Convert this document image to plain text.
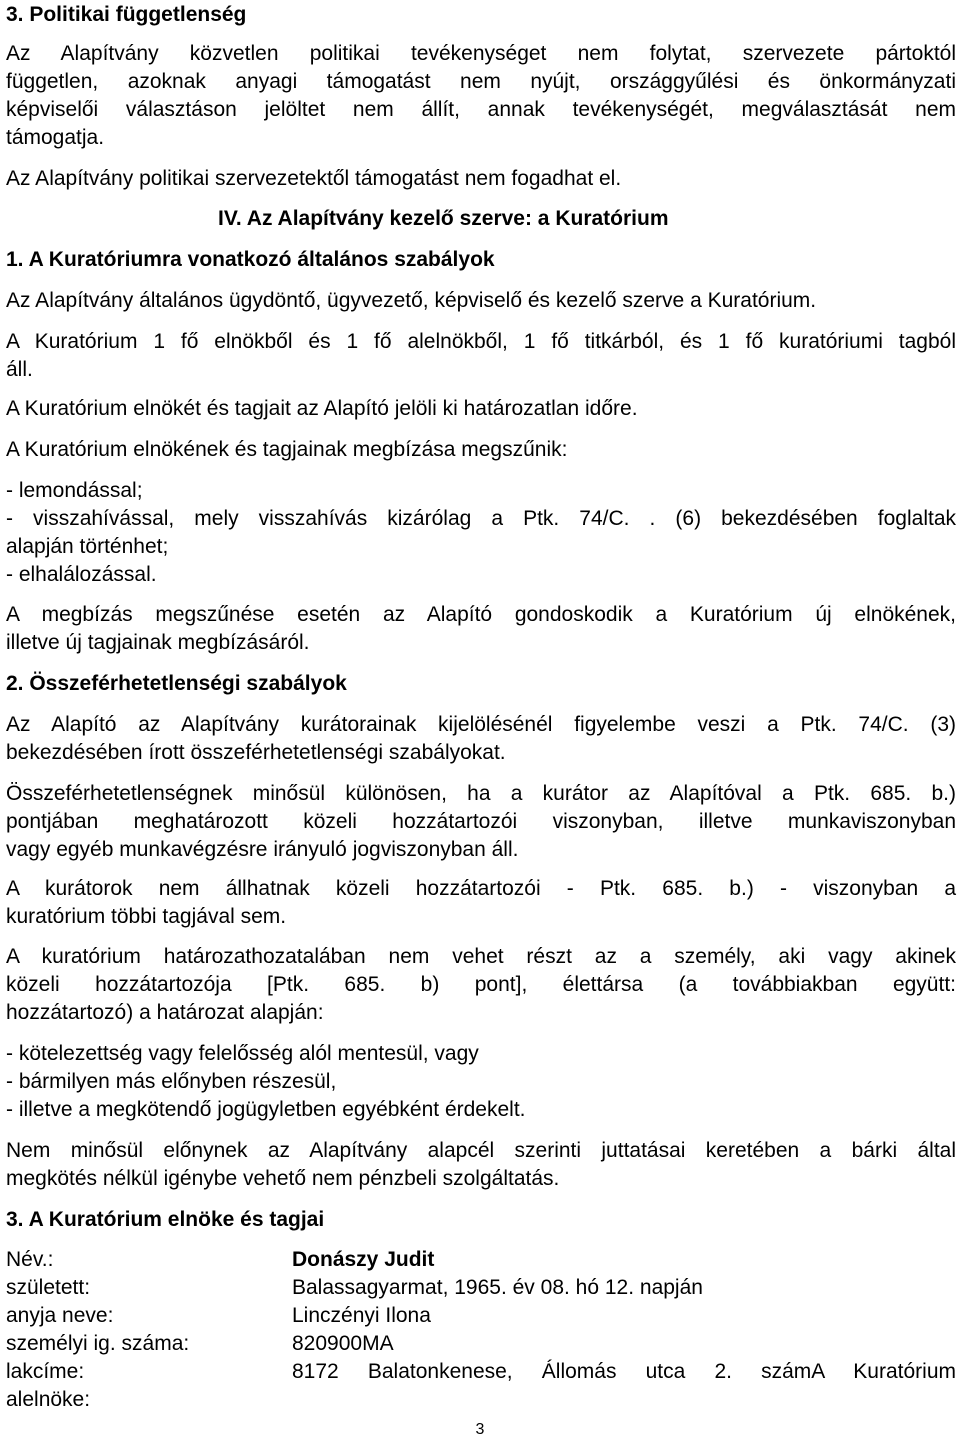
3. Politikai függetlenség
Az Alapítvány közvetlen politikai tevékenységet nem folytat, szervezete pártoktól
független, azoknak anyagi támogatást nem nyújt, országgyűlési és önkormányzati
képviselői választáson jelöltet nem állít, annak tevékenységét, megválasztását nem
támogatja.
Az Alapítvány politikai szervezetektől támogatást nem fogadhat el.
IV. Az Alapítvány kezelő szerve: a Kuratórium
1. A Kuratóriumra vonatkozó általános szabályok
Az Alapítvány általános ügydöntő, ügyvezető, képviselő és kezelő szerve a Kuratórium.
A Kuratórium 1 fő elnökből és 1 fő alelnökből, 1 fő titkárból, és 1 fő kuratóriumi tagból
áll.
A Kuratórium elnökét és tagjait az Alapító jelöli ki határozatlan időre.
A Kuratórium elnökének és tagjainak megbízása megszűnik:
- lemondással;
- visszahívással, mely visszahívás kizárólag a Ptk. 74/C. . (6) bekezdésében foglaltak
alapján történhet;
- elhalálozással.
A megbízás megszűnése esetén az Alapító gondoskodik a Kuratórium új elnökének,
illetve új tagjainak megbízásáról.
2. Összeférhetetlenségi szabályok
Az Alapító az Alapítvány kurátorainak kijelölésénél figyelembe veszi a Ptk. 74/C. (3)
bekezdésében írott összeférhetetlenségi szabályokat.
Összeférhetetlenségnek minősül különösen, ha a kurátor az Alapítóval a Ptk. 685. b.)
pontjában meghatározott közeli hozzátartozói viszonyban, illetve munkaviszonyban
vagy egyéb munkavégzésre irányuló jogviszonyban áll.
A kurátorok nem állhatnak közeli hozzátartozói - Ptk. 685. b.) - viszonyban a
kuratórium többi tagjával sem.
A kuratórium határozathozatalában nem vehet részt az a személy, aki vagy akinek
közeli hozzátartozója [Ptk. 685. b) pont], élettársa (a továbbiakban együtt:
hozzátartozó) a határozat alapján:
- kötelezettség vagy felelősség alól mentesül, vagy
- bármilyen más előnyben részesül,
- illetve a megkötendő jogügyletben egyébként érdekelt.
Nem minősül előnynek az Alapítvány alapcél szerinti juttatásai keretében a bárki által
megkötés nélkül igénybe vehető nem pénzbeli szolgáltatás.
3. A Kuratórium elnöke és tagjai
Név.:	Donászy Judit
született:	Balassagyarmat, 1965. év 08. hó 12. napján
anyja neve:	Linczényi Ilona
személyi ig. száma:	820900MA
lakcíme:	8172 Balatonkenese, Állomás utca 2. számA Kuratórium
alelnöke:
3
